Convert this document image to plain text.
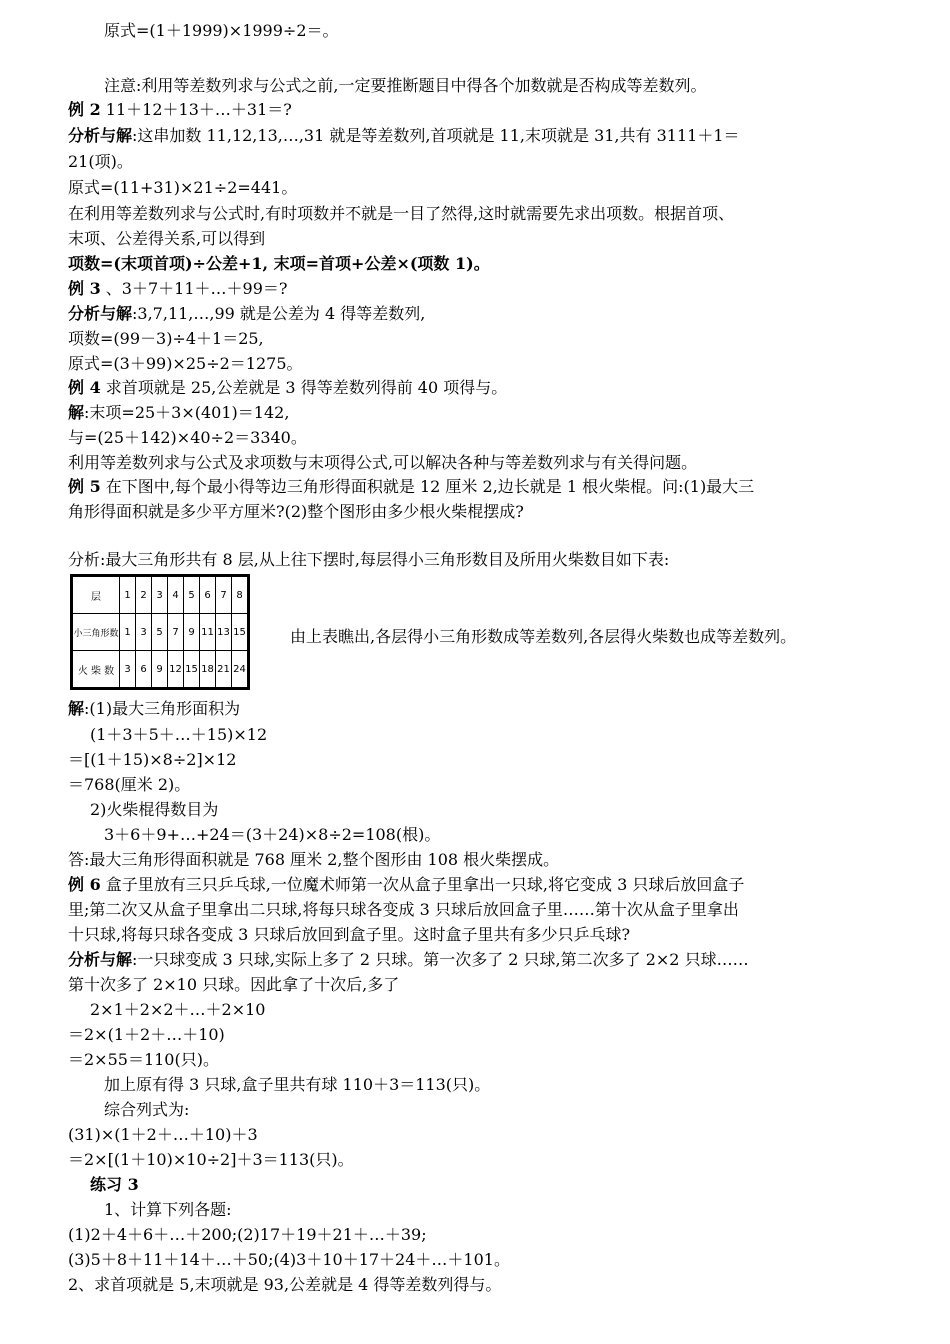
原式=(1＋1999)×1999÷2＝。
注意:利用等差数列求与公式之前,一定要推断题目中得各个加数就是否构成等差数列。
例 2 11＋12＋13＋…＋31＝?
分析与解:这串加数 11,12,13,…,31 就是等差数列,首项就是 11,末项就是 31,共有 3111＋1＝
21(项)。
原式=(11+31)×21÷2=441。
在利用等差数列求与公式时,有时项数并不就是一目了然得,这时就需要先求出项数。根据首项、
末项、公差得关系,可以得到
项数=(末项首项)÷公差+1, 末项=首项+公差×(项数 1)。
例 3 、3＋7＋11＋…＋99＝?
分析与解:3,7,11,…,99 就是公差为 4 得等差数列,
项数=(99－3)÷4＋1＝25,
原式=(3＋99)×25÷2＝1275。
例 4 求首项就是 25,公差就是 3 得等差数列得前 40 项得与。
解:末项=25＋3×(401)＝142,
与=(25＋142)×40÷2＝3340。
利用等差数列求与公式及求项数与末项得公式,可以解决各种与等差数列求与有关得问题。
例 5 在下图中,每个最小得等边三角形得面积就是 12 厘米 2,边长就是 1 根火柴棍。问:(1)最大三
角形得面积就是多少平方厘米?(2)整个图形由多少根火柴棍摆成?
分析:最大三角形共有 8 层,从上往下摆时,每层得小三角形数目及所用火柴数目如下表:
层	1	2	3	4	5	6	7	8
小三角形数	1	3	5	7	9	11	13	15
火 柴 数	3	6	9	12	15	18	21	24
由上表瞧出,各层得小三角形数成等差数列,各层得火柴数也成等差数列。
解:(1)最大三角形面积为
(1＋3＋5＋…＋15)×12
＝[(1＋15)×8÷2]×12
＝768(厘米 2)。
2)火柴棍得数目为
3＋6＋9+…+24＝(3＋24)×8÷2=108(根)。
答:最大三角形得面积就是 768 厘米 2,整个图形由 108 根火柴摆成。
例 6 盒子里放有三只乒乓球,一位魔术师第一次从盒子里拿出一只球,将它变成 3 只球后放回盒子
里;第二次又从盒子里拿出二只球,将每只球各变成 3 只球后放回盒子里……第十次从盒子里拿出
十只球,将每只球各变成 3 只球后放回到盒子里。这时盒子里共有多少只乒乓球?
分析与解:一只球变成 3 只球,实际上多了 2 只球。第一次多了 2 只球,第二次多了 2×2 只球……
第十次多了 2×10 只球。因此拿了十次后,多了
2×1＋2×2＋…＋2×10
＝2×(1＋2＋…＋10)
＝2×55＝110(只)。
加上原有得 3 只球,盒子里共有球 110＋3＝113(只)。
综合列式为:
(31)×(1＋2＋…＋10)＋3
＝2×[(1＋10)×10÷2]＋3＝113(只)。
练习 3
1、计算下列各题:
(1)2＋4＋6＋…＋200;(2)17＋19＋21＋…＋39;
(3)5＋8＋11＋14＋…＋50;(4)3＋10＋17＋24＋…＋101。
2、求首项就是 5,末项就是 93,公差就是 4 得等差数列得与。
